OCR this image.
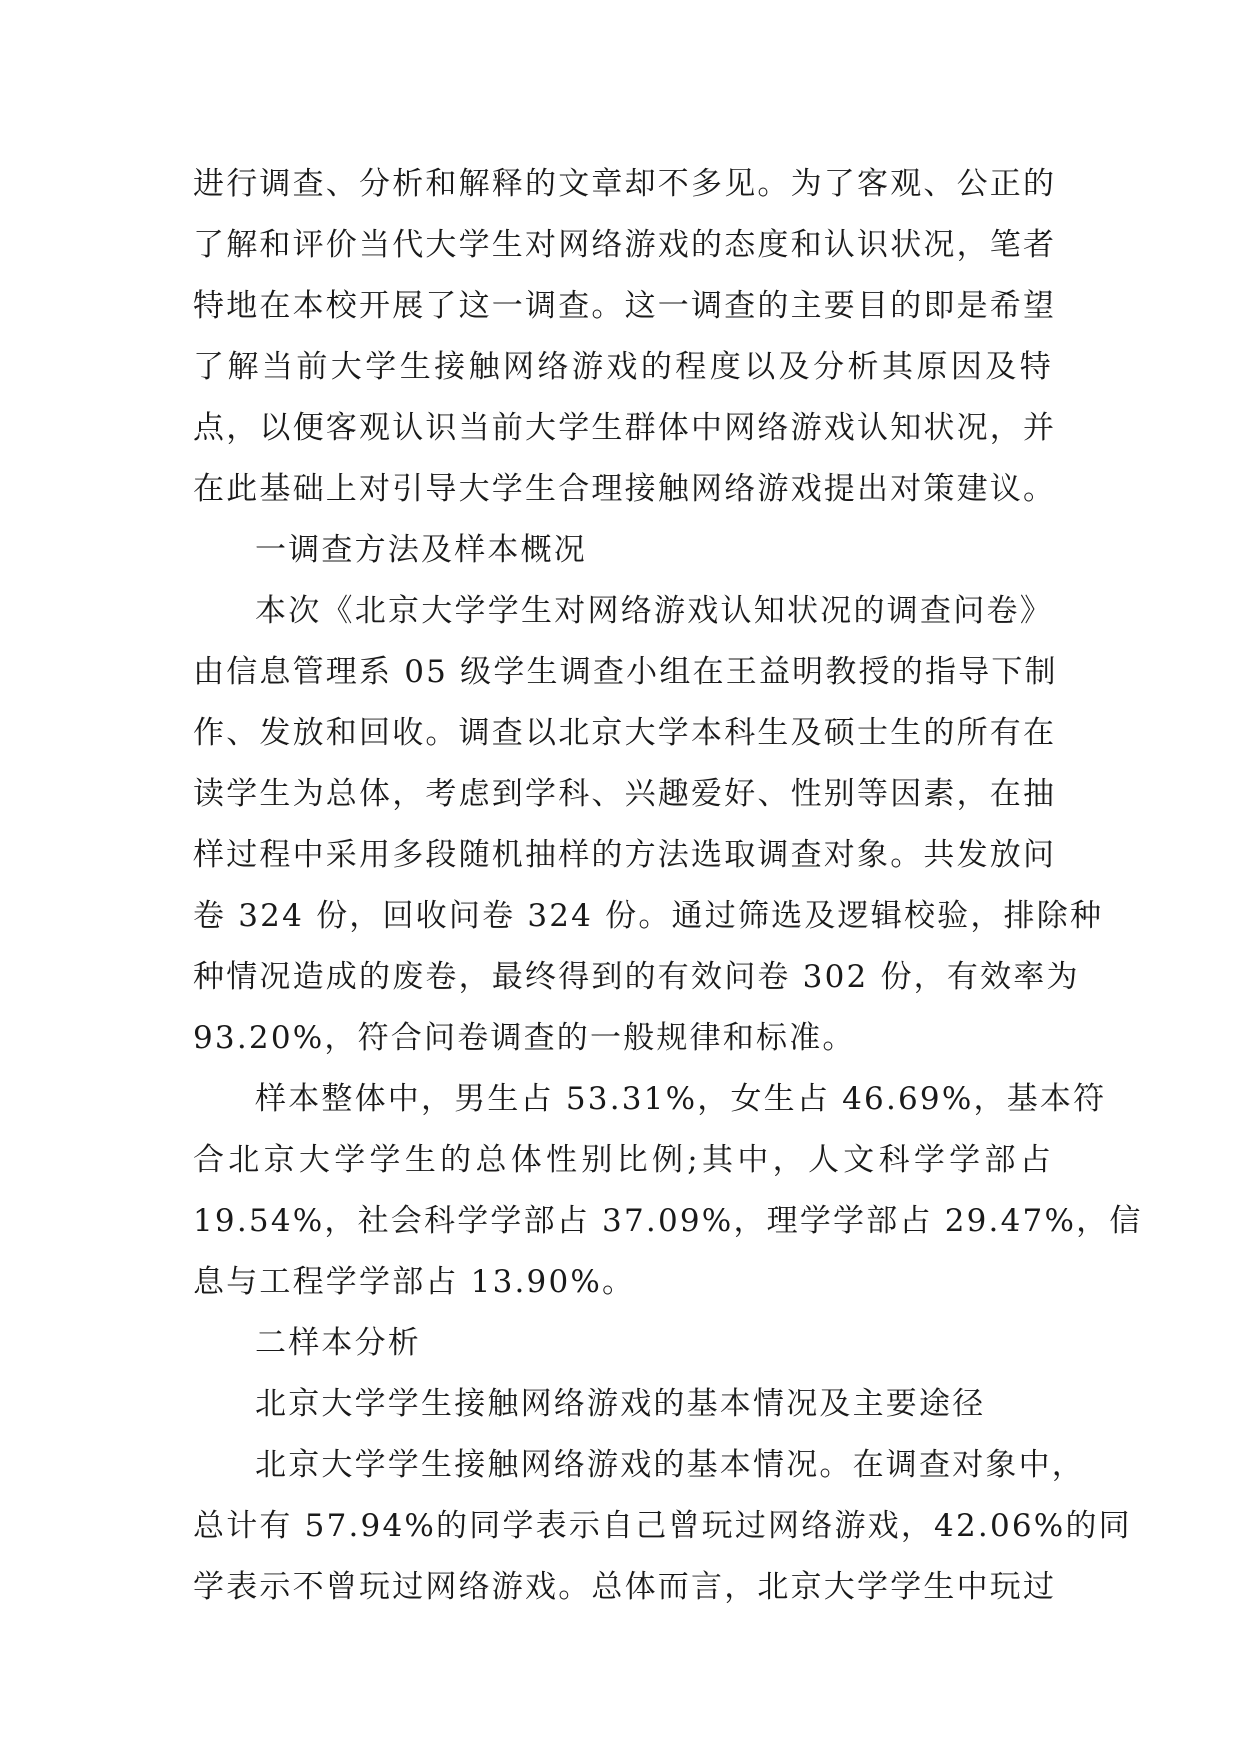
进行调查、分析和解释的文章却不多见。为了客观、公正的
了解和评价当代大学生对网络游戏的态度和认识状况，笔者
特地在本校开展了这一调查。这一调查的主要目的即是希望
了解当前大学生接触网络游戏的程度以及分析其原因及特
点，以便客观认识当前大学生群体中网络游戏认知状况，并
在此基础上对引导大学生合理接触网络游戏提出对策建议。
一调查方法及样本概况
本次《北京大学学生对网络游戏认知状况的调查问卷》
由信息管理系 05 级学生调查小组在王益明教授的指导下制
作、发放和回收。调查以北京大学本科生及硕士生的所有在
读学生为总体，考虑到学科、兴趣爱好、性别等因素，在抽
样过程中采用多段随机抽样的方法选取调查对象。共发放问
卷 324 份，回收问卷 324 份。通过筛选及逻辑校验，排除种
种情况造成的废卷，最终得到的有效问卷 302 份，有效率为
93.20%，符合问卷调查的一般规律和标准。
样本整体中，男生占 53.31%，女生占 46.69%，基本符
合北京大学学生的总体性别比例;其中，人文科学学部占
19.54%，社会科学学部占 37.09%，理学学部占 29.47%，信
息与工程学学部占 13.90%。
二样本分析
北京大学学生接触网络游戏的基本情况及主要途径
北京大学学生接触网络游戏的基本情况。在调查对象中，
总计有 57.94%的同学表示自己曾玩过网络游戏，42.06%的同
学表示不曾玩过网络游戏。总体而言，北京大学学生中玩过
